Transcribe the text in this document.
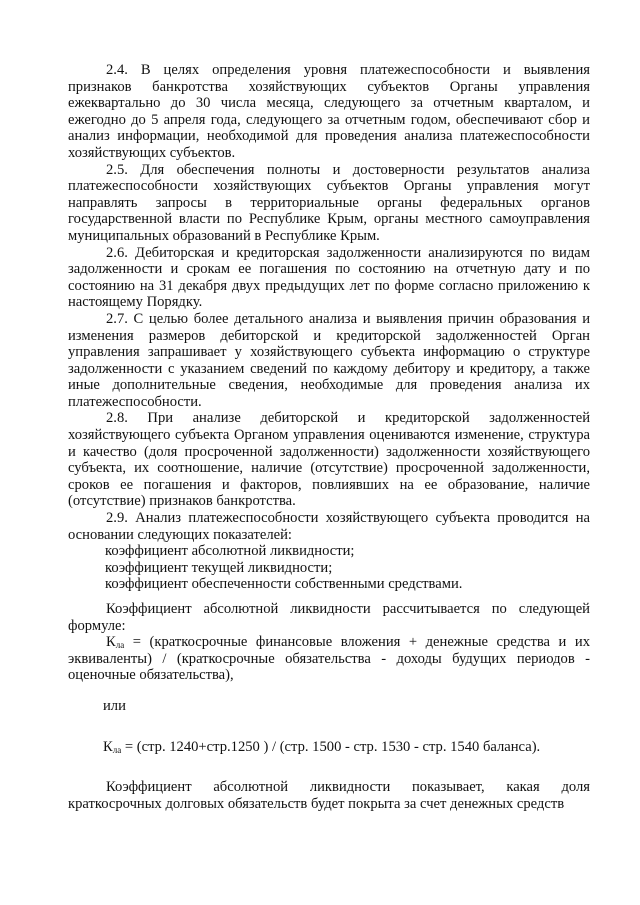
2.4. В целях определения уровня платежеспособности и выявления признаков банкротства хозяйствующих субъектов Органы управления ежеквартально до 30 числа месяца, следующего за отчетным кварталом, и ежегодно до 5 апреля года, следующего за отчетным годом, обеспечивают сбор и анализ информации, необходимой для проведения анализа платежеспособности хозяйствующих субъектов.

2.5. Для обеспечения полноты и достоверности результатов анализа платежеспособности хозяйствующих субъектов Органы управления могут направлять запросы в территориальные органы федеральных органов государственной власти по Республике Крым, органы местного самоуправления муниципальных образований в Республике Крым.

2.6. Дебиторская и кредиторская задолженности анализируются по видам задолженности и срокам ее погашения по состоянию на отчетную дату и по состоянию на 31 декабря двух предыдущих лет по форме согласно приложению к настоящему Порядку.

2.7. С целью более детального анализа и выявления причин образования и изменения размеров дебиторской и кредиторской задолженностей Орган управления запрашивает у хозяйствующего субъекта информацию о структуре задолженности с указанием сведений по каждому дебитору и кредитору, а также иные дополнительные сведения, необходимые для проведения анализа их платежеспособности.

2.8. При анализе дебиторской и кредиторской задолженностей хозяйствующего субъекта Органом управления оцениваются изменение, структура и качество (доля просроченной задолженности) задолженности хозяйствующего субъекта, их соотношение, наличие (отсутствие) просроченной задолженности, сроков ее погашения и факторов, повлиявших на ее образование, наличие (отсутствие) признаков банкротства.

2.9. Анализ платежеспособности хозяйствующего субъекта проводится на основании следующих показателей:

коэффициент абсолютной ликвидности;

коэффициент текущей ликвидности;

коэффициент обеспеченности собственными средствами.

Коэффициент абсолютной ликвидности рассчитывается по следующей формуле:

$К_{ла}$ = (краткосрочные финансовые вложения + денежные средства и их эквиваленты) / (краткосрочные обязательства - доходы будущих периодов - оценочные обязательства),

или

$К_{ла} = (стр$. 1240+стр.1250 ) / (стр. 1500 - стр. 1530 - стр. 1540 баланса).

Коэффициент абсолютной ликвидности показывает, какая доля краткосрочных долговых обязательств будет покрыта за счет денежных средств
